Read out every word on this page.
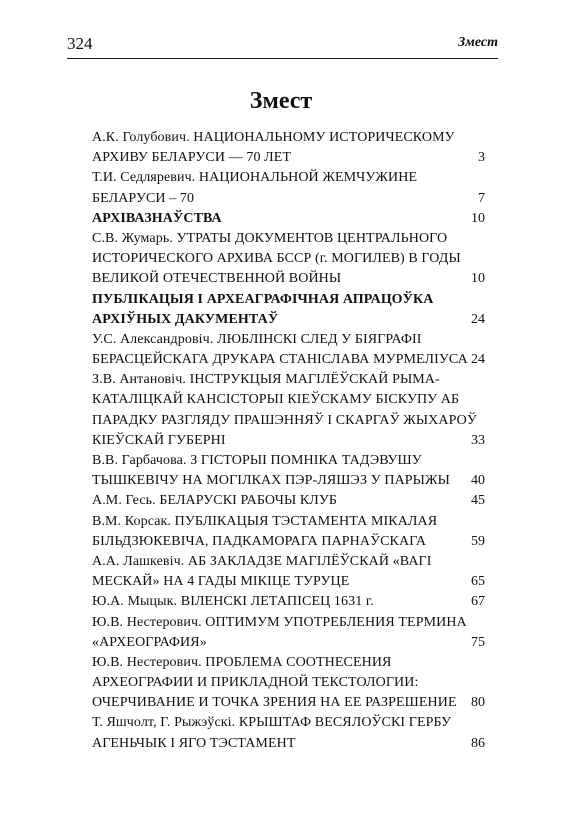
324	Змест
Змест
А.К. Голубович. НАЦИОНАЛЬНОМУ ИСТОРИЧЕСКОМУ
АРХИВУ БЕЛАРУСИ — 70 ЛЕТ	3
Т.И. Седляревич. НАЦИОНАЛЬНОЙ ЖЕМЧУЖИНЕ
БЕЛАРУСИ – 70	7
АРХІВАЗНАЎСТВА	10
С.В. Жумарь. УТРАТЫ ДОКУМЕНТОВ ЦЕНТРАЛЬНОГО
ИСТОРИЧЕСКОГО АРХИВА БССР (г. МОГИЛЕВ) В ГОДЫ
ВЕЛИКОЙ ОТЕЧЕСТВЕННОЙ ВОЙНЫ	10
ПУБЛІКАЦЫЯ І АРХЕАГРАФІЧНАЯ АПРАЦОЎКА
АРХІЎНЫХ ДАКУМЕНТАЎ	24
У.С. Александровіч. ЛЮБЛІНСКІ СЛЕД У БІЯГРАФІІ
БЕРАСЦЕЙСКАГА ДРУКАРА СТАНІСЛАВА МУРМЕЛІУСА 24
З.В. Антановіч. ІНСТРУКЦЫЯ МАГІЛЁЎСКАЙ РЫМА-
КАТАЛІЦКАЙ КАНСІСТОРЫІ КІЕЎСКАМУ БІСКУПУ АБ
ПАРАДКУ РАЗГЛЯДУ ПРАШЭННЯЎ І СКАРГАЎ ЖЫХАРОЎ
КІЕЎСКАЙ ГУБЕРНІ	33
В.В. Гарбачова. З ГІСТОРЫІ ПОМНІКА ТАДЭВУШУ
ТЫШКЕВІЧУ НА МОГІЛКАХ ПЭР-ЛЯШЭЗ У ПАРЫЖЫ	40
А.М. Гесь. БЕЛАРУСКІ РАБОЧЫ КЛУБ	45
В.М. Корсак. ПУБЛІКАЦЫЯ ТЭСТАМЕНТА МІКАЛАЯ
БІЛЬДЗЮКЕВІЧА, ПАДКАМОРАГА ПАРНАЎСКАГА	59
А.А. Лашкевіч. АБ ЗАКЛАДЗЕ МАГІЛЁЎСКАЙ «ВАГІ
МЕСКАЙ» НА 4 ГАДЫ МІКІЦЕ ТУРУЦЕ	65
Ю.А. Мыцык. ВІЛЕНСКІ ЛЕТАПІСЕЦ 1631 г.	67
Ю.В. Нестерович. ОПТИМУМ УПОТРЕБЛЕНИЯ ТЕРМИНА
«АРХЕОГРАФИЯ»	75
Ю.В. Нестерович. ПРОБЛЕМА СООТНЕСЕНИЯ
АРХЕОГРАФИИ И ПРИКЛАДНОЙ ТЕКСТОЛОГИИ:
ОЧЕРЧИВАНИЕ И ТОЧКА ЗРЕНИЯ НА ЕЕ РАЗРЕШЕНИЕ	80
Т. Яшчолт, Г. Рыжэўскі. КРЫШТАФ ВЕСЯЛОЎСКІ ГЕРБУ
АГЕНЬЧЫК І ЯГО ТЭСТАМЕНТ	86
